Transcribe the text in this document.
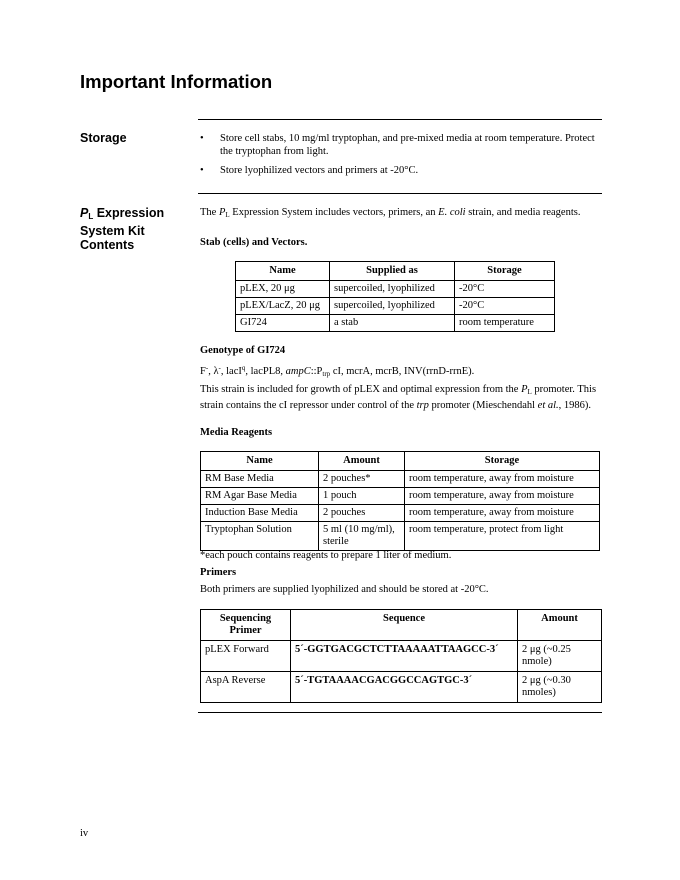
Important Information
Storage	• Store cell stabs, 10 mg/ml tryptophan, and pre-mixed media at room temperature. Protect the tryptophan from light.
• Store lyophilized vectors and primers at -20°C.
$P_L$ Expression System Kit Contents
The $P_L$ Expression System includes vectors, primers, an E. coli strain, and media reagents.
Stab (cells) and Vectors.
Name	Supplied as	Storage
pLEX, 20 μg	supercoiled, lyophilized	-20°C
pLEX/LacZ, 20 μg	supercoiled, lyophilized	-20°C
GI724	a stab	room temperature
Genotype of GI724
F-, λ-, lacI$^q$, lacPL8, $ampC::P_{trp}$ cI, mcrA, mcrB, INV(rrnD-rrnE).
This strain is included for growth of pLEX and optimal expression from the $P_L$ promoter. This strain contains the cI repressor under control of the trp promoter (Mieschendahl et al., 1986).
Media Reagents
Name	Amount	Storage
RM Base Media	2 pouches*	room temperature, away from moisture
RM Agar Base Media	1 pouch	room temperature, away from moisture
Induction Base Media	2 pouches	room temperature, away from moisture
Tryptophan Solution	5 ml (10 mg/ml), sterile	room temperature, protect from light
*each pouch contains reagents to prepare 1 liter of medium.
Primers
Both primers are supplied lyophilized and should be stored at -20°C.
Sequencing Primer	Sequence	Amount
pLEX Forward	5´-GGTGACGCTCTTAAAAATTAAGCC-3´	2 μg (~0.25 nmole)
AspA Reverse	5´-TGTAAAACGACGGCCAGTGC-3´	2 μg (~0.30 nmoles)
iv
